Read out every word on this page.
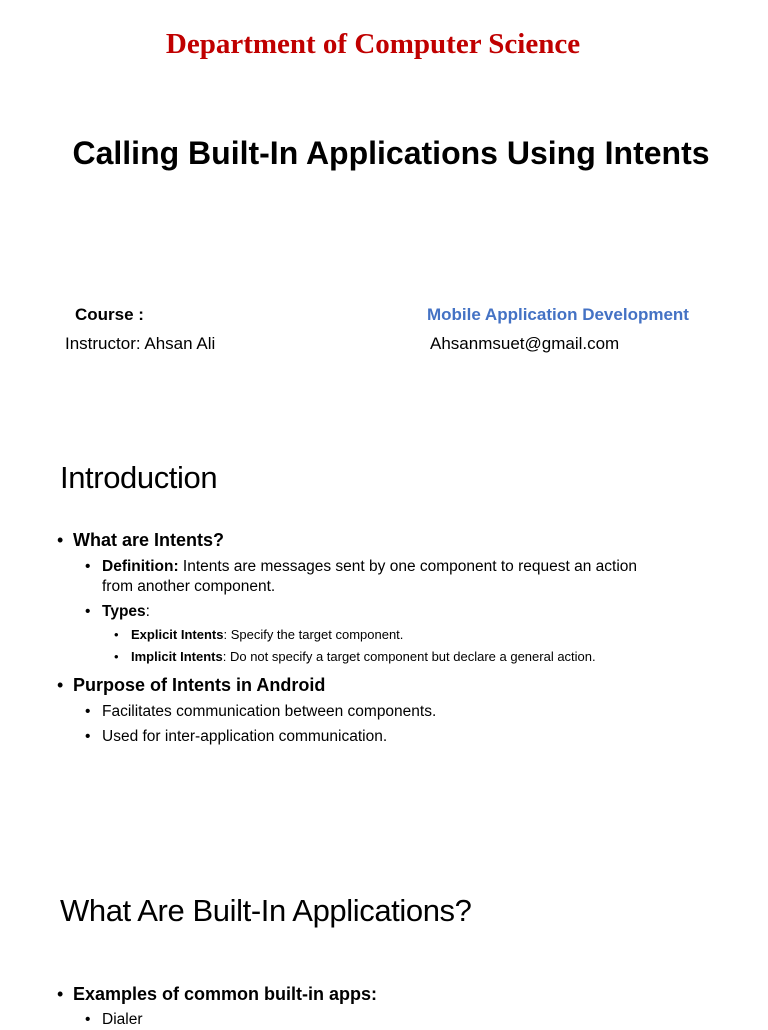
Department of Computer Science
Calling Built-In Applications Using Intents
Course :	Mobile Application Development
Instructor: Ahsan Ali	Ahsanmsuet@gmail.com
Introduction
• What are Intents?
• Definition: Intents are messages sent by one component to request an action
from another component.
• Types:
• Explicit Intents: Specify the target component.
• Implicit Intents: Do not specify a target component but declare a general action.
• Purpose of Intents in Android
• Facilitates communication between components.
• Used for inter-application communication.
What Are Built-In Applications?
• Examples of common built-in apps:
• Dialer
